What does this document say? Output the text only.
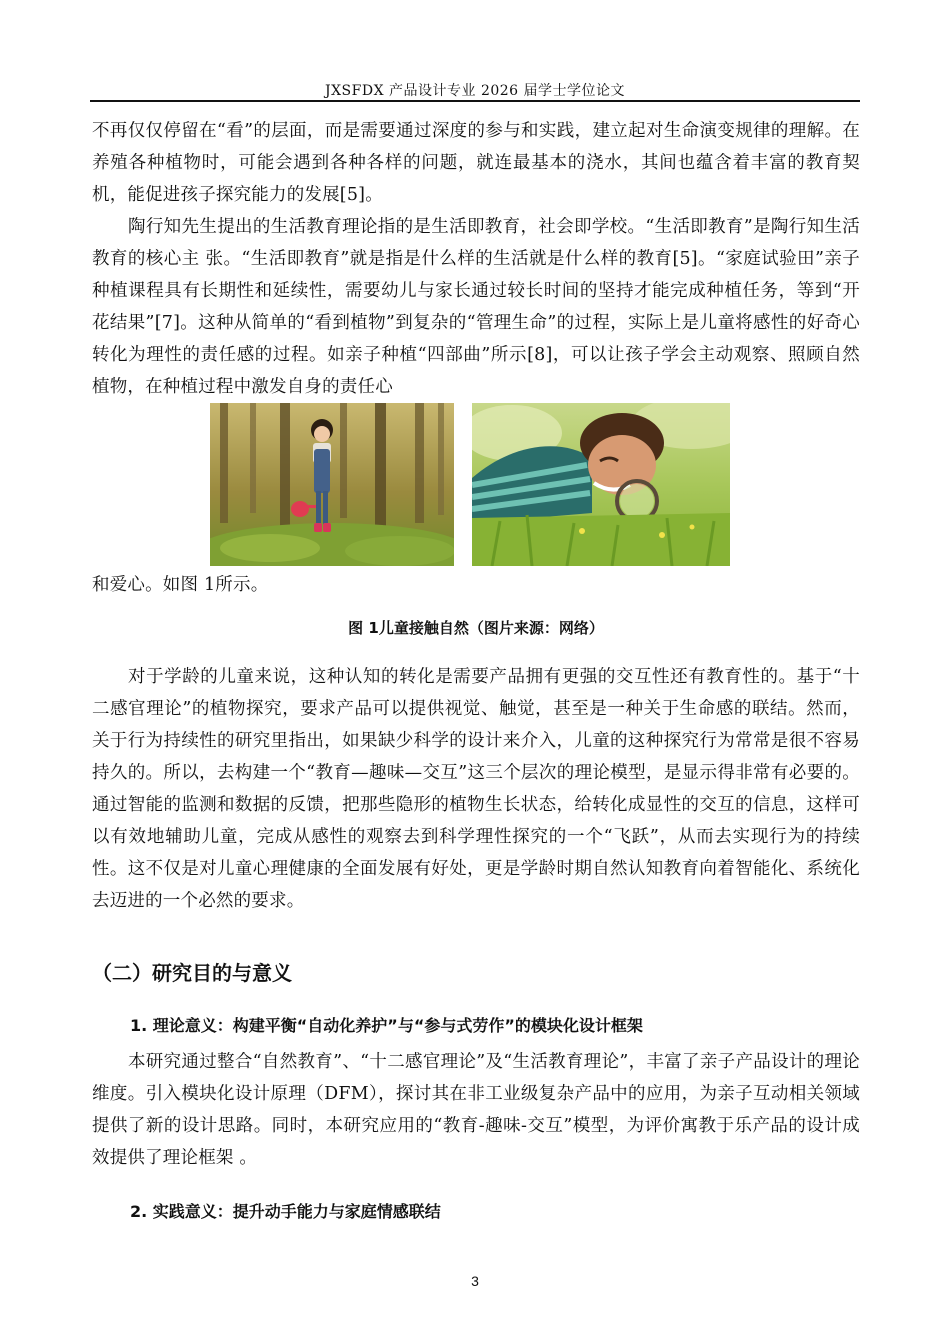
JXSFDX 产品设计专业 2026 届学士学位论文

不再仅仅停留在“看”的层面，而是需要通过深度的参与和实践，建立起对生命演变规律的理解。在养殖各种植物时，可能会遇到各种各样的问题，就连最基本的浇水，其间也蕴含着丰富的教育契机，能促进孩子探究能力的发展[5]。

陶行知先生提出的生活教育理论指的是生活即教育，社会即学校。“生活即教育”是陶行知生活教育的核心主 张。“生活即教育”就是指是什么样的生活就是什么样的教育[5]。“家庭试验田”亲子种植课程具有长期性和延续性，需要幼儿与家长通过较长时间的坚持才能完成种植任务，等到“开花结果”[7]。这种从简单的“看到植物”到复杂的“管理生命”的过程，实际上是儿童将感性的好奇心转化为理性的责任感的过程。如亲子种植“四部曲”所示[8]，可以让孩子学会主动观察、照顾自然植物，在种植过程中激发自身的责任心

和爱心。如图 1所示。

图 1儿童接触自然（图片来源：网络）

对于学龄的儿童来说，这种认知的转化是需要产品拥有更强的交互性还有教育性的。基于“十二感官理论”的植物探究，要求产品可以提供视觉、触觉，甚至是一种关于生命感的联结。然而，关于行为持续性的研究里指出，如果缺少科学的设计来介入，儿童的这种探究行为常常是很不容易持久的。所以，去构建一个“教育—趣味—交互”这三个层次的理论模型，是显示得非常有必要的。通过智能的监测和数据的反馈，把那些隐形的植物生长状态，给转化成显性的交互的信息，这样可以有效地辅助儿童，完成从感性的观察去到科学理性探究的一个“飞跃”，从而去实现行为的持续性。这不仅是对儿童心理健康的全面发展有好处，更是学龄时期自然认知教育向着智能化、系统化去迈进的一个必然的要求。

（二）研究目的与意义
1. 理论意义：构建平衡“自动化养护”与“参与式劳作”的模块化设计框架

本研究通过整合“自然教育”、“十二感官理论”及“生活教育理论”，丰富了亲子产品设计的理论维度。引入模块化设计原理（DFM），探讨其在非工业级复杂产品中的应用，为亲子互动相关领域提供了新的设计思路。同时，本研究应用的“教育-趣味-交互”模型，为评价寓教于乐产品的设计成效提供了理论框架 。

2. 实践意义：提升动手能力与家庭情感联结
3
